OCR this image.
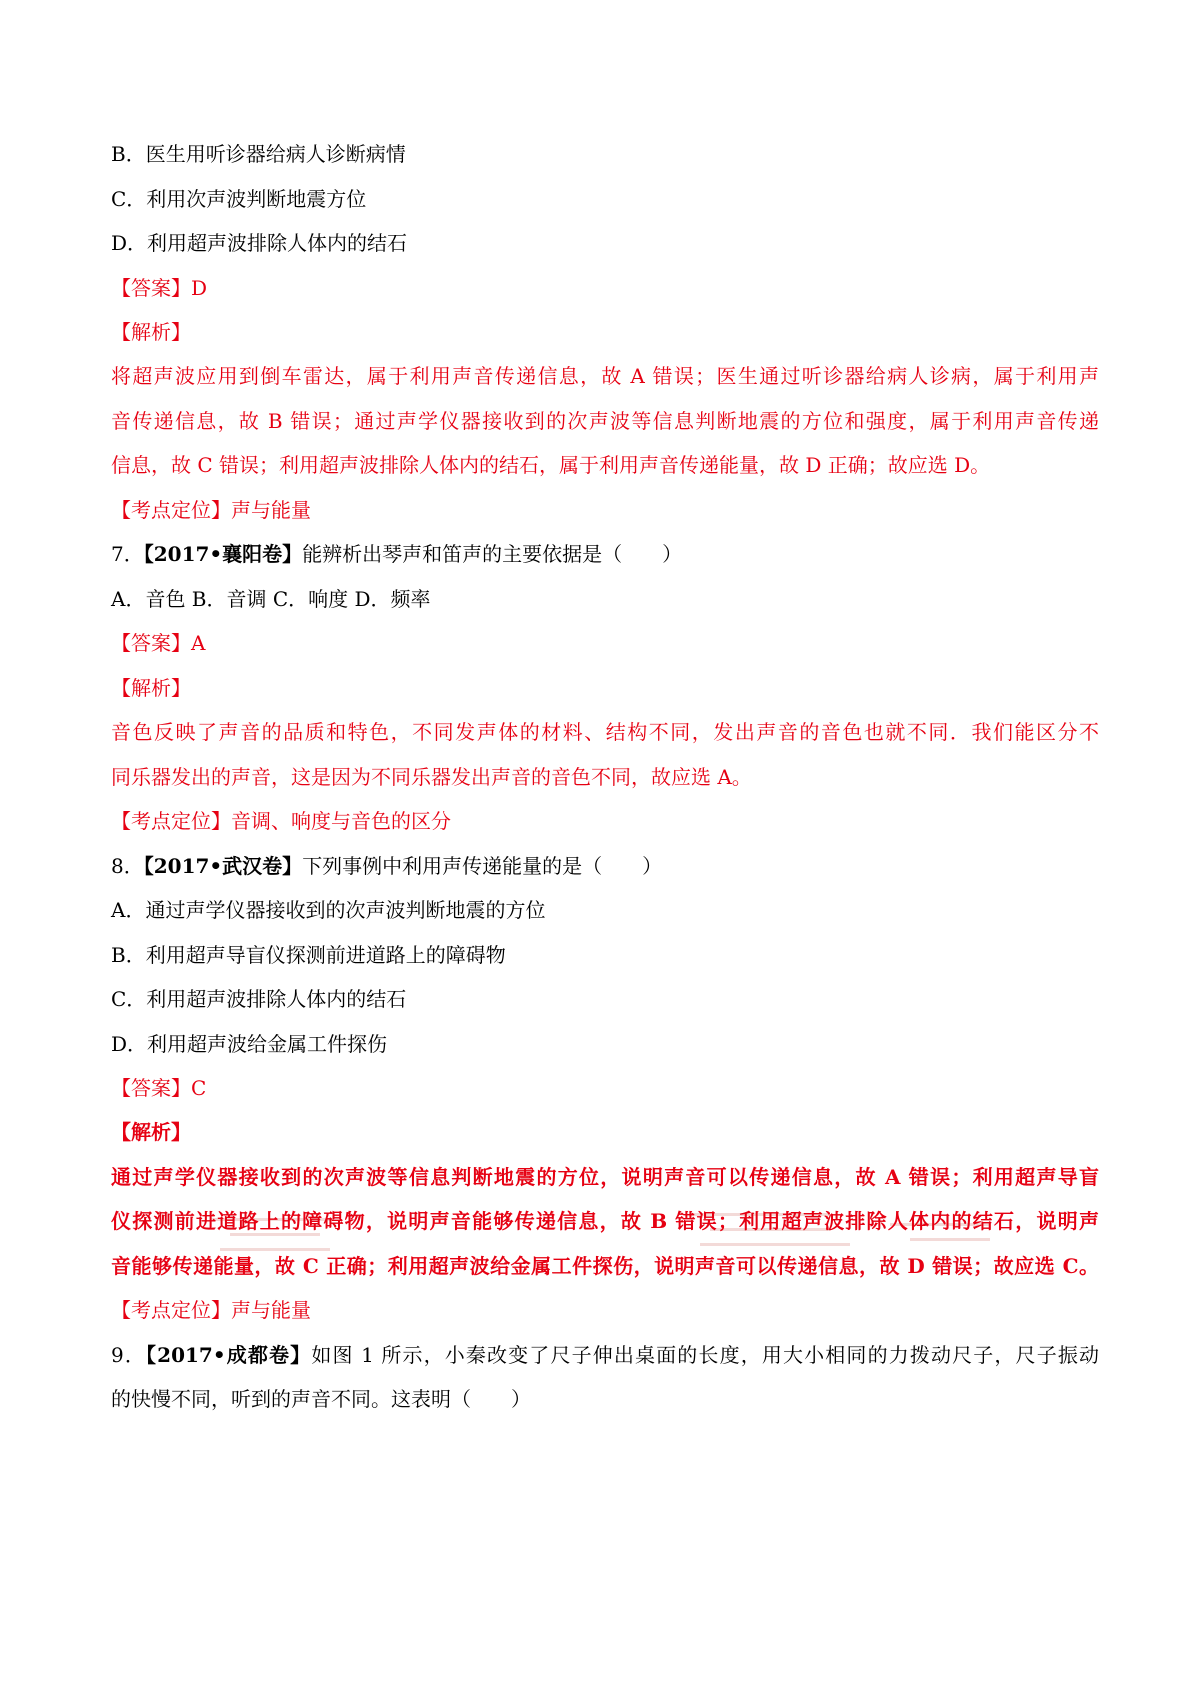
B．医生用听诊器给病人诊断病情
C．利用次声波判断地震方位
D．利用超声波排除人体内的结石
【答案】D
【解析】
将超声波应用到倒车雷达，属于利用声音传递信息，故 A 错误；医生通过听诊器给病人诊病，属于利用声
音传递信息，故 B 错误；通过声学仪器接收到的次声波等信息判断地震的方位和强度，属于利用声音传递
信息，故 C 错误；利用超声波排除人体内的结石，属于利用声音传递能量，故 D 正确；故应选 D。
【考点定位】声与能量
7．【2017•襄阳卷】能辨析出琴声和笛声的主要依据是（　　）
A．音色 B．音调 C．响度 D．频率
【答案】A
【解析】
音色反映了声音的品质和特色，不同发声体的材料、结构不同，发出声音的音色也就不同．我们能区分不
同乐器发出的声音，这是因为不同乐器发出声音的音色不同，故应选 A。
【考点定位】音调、响度与音色的区分
8．【2017•武汉卷】下列事例中利用声传递能量的是（　　）
A．通过声学仪器接收到的次声波判断地震的方位
B．利用超声导盲仪探测前进道路上的障碍物
C．利用超声波排除人体内的结石
D．利用超声波给金属工件探伤
【答案】C
【解析】
通过声学仪器接收到的次声波等信息判断地震的方位，说明声音可以传递信息，故 A 错误；利用超声导盲
仪探测前进道路上的障碍物，说明声音能够传递信息，故 B 错误；利用超声波排除人体内的结石，说明声
音能够传递能量，故 C 正确；利用超声波给金属工件探伤，说明声音可以传递信息，故 D 错误；故应选 C。
【考点定位】声与能量
9．【2017•成都卷】如图 1 所示，小秦改变了尺子伸出桌面的长度，用大小相同的力拨动尺子，尺子振动
的快慢不同，听到的声音不同。这表明（　　）
